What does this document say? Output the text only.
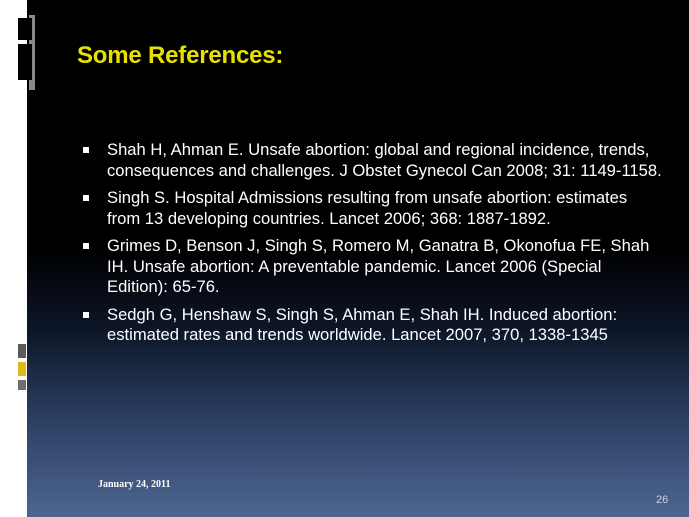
Some References:
Shah H, Ahman E. Unsafe abortion: global and regional incidence, trends, consequences and challenges. J Obstet Gynecol Can 2008; 31: 1149-1158.
Singh S. Hospital Admissions resulting from unsafe abortion: estimates from 13 developing countries. Lancet 2006; 368: 1887-1892.
Grimes D, Benson J, Singh S, Romero M, Ganatra B, Okonofua FE, Shah IH. Unsafe abortion: A preventable pandemic. Lancet 2006 (Special Edition): 65-76.
Sedgh G, Henshaw S, Singh S, Ahman E, Shah IH. Induced abortion: estimated rates and trends worldwide. Lancet 2007, 370, 1338-1345
January 24, 2011
26
